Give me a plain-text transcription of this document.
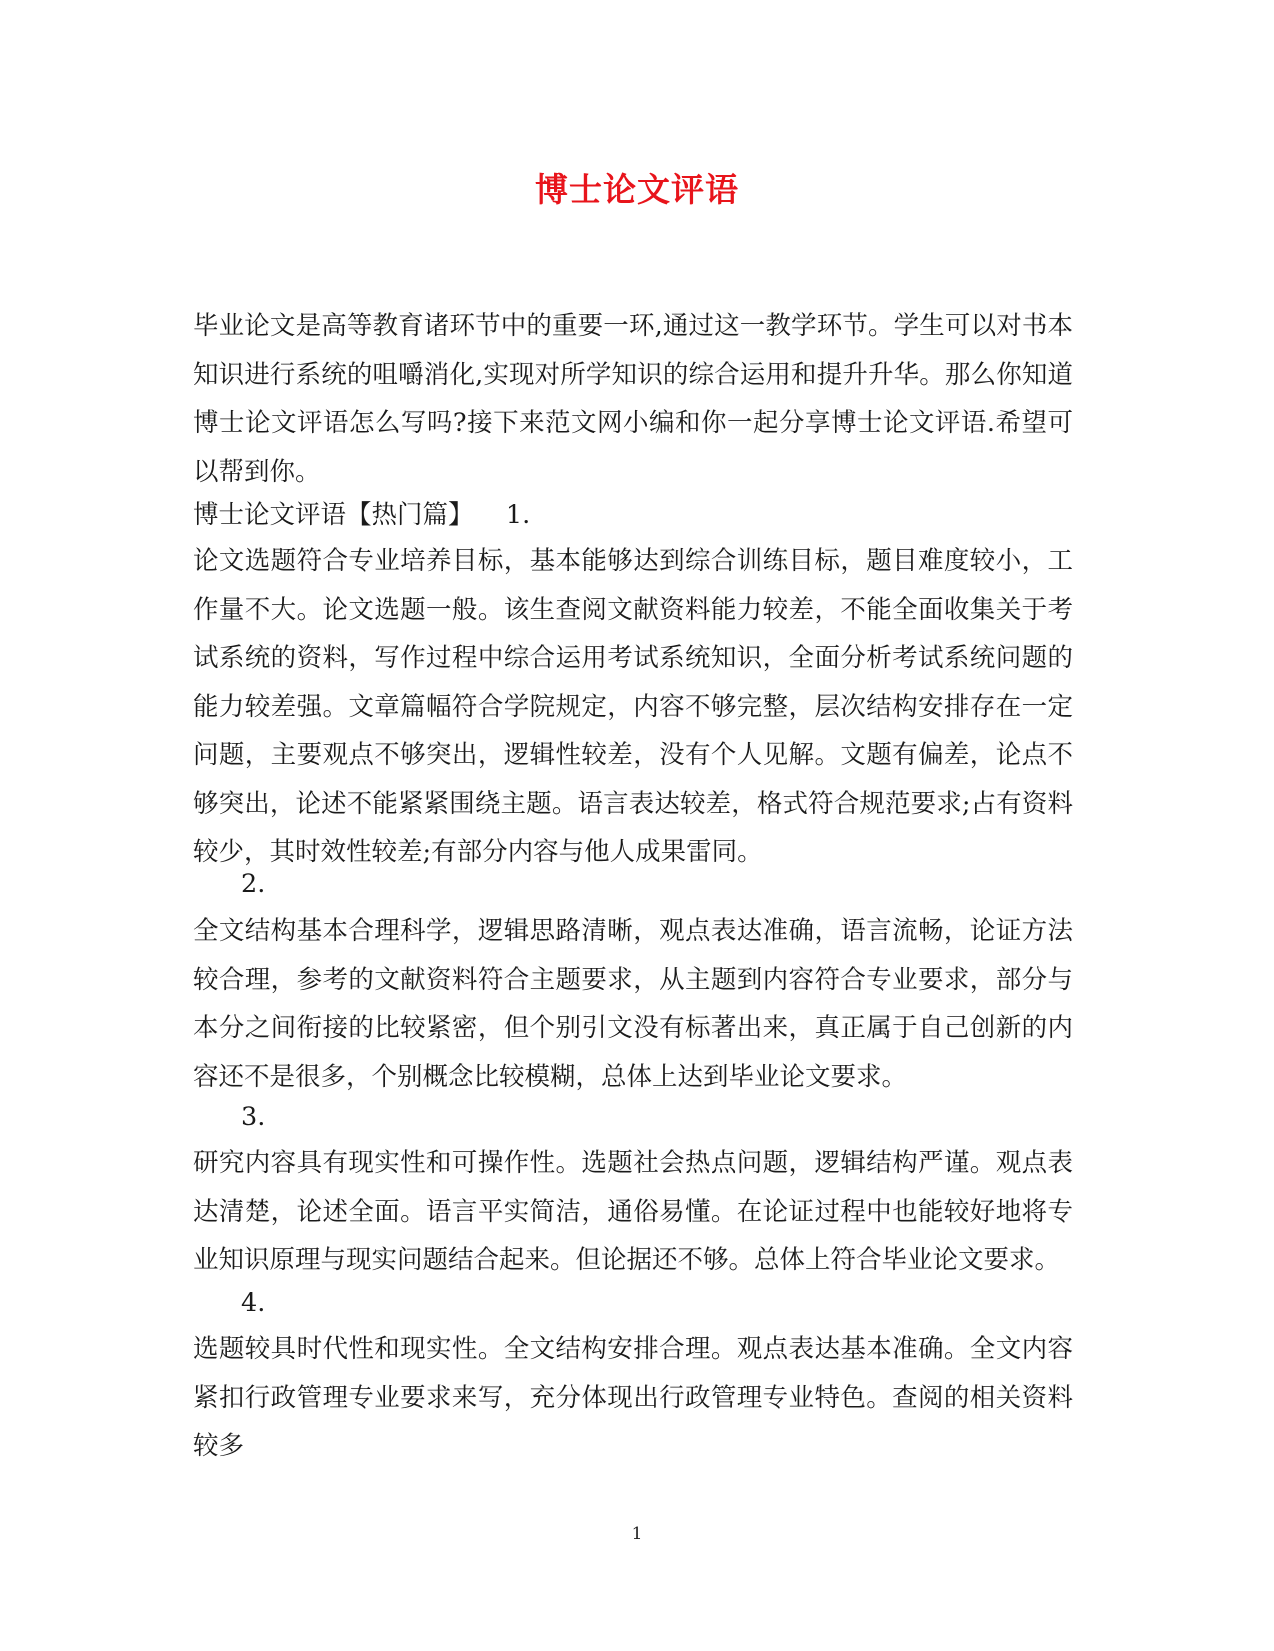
博士论文评语

毕业论文是高等教育诸环节中的重要一环,通过这一教学环节。学生可以对书本知识进行系统的咀嚼消化,实现对所学知识的综合运用和提升升华。那么你知道博士论文评语怎么写吗?接下来范文网小编和你一起分享博士论文评语.希望可以帮到你。

博士论文评语【热门篇】    1.

论文选题符合专业培养目标，基本能够达到综合训练目标，题目难度较小，工作量不大。论文选题一般。该生查阅文献资料能力较差，不能全面收集关于考试系统的资料，写作过程中综合运用考试系统知识，全面分析考试系统问题的能力较差强。文章篇幅符合学院规定，内容不够完整，层次结构安排存在一定问题，主要观点不够突出，逻辑性较差，没有个人见解。文题有偏差，论点不够突出，论述不能紧紧围绕主题。语言表达较差，格式符合规范要求;占有资料较少，其时效性较差;有部分内容与他人成果雷同。

2.

全文结构基本合理科学，逻辑思路清晰，观点表达准确，语言流畅，论证方法较合理，参考的文献资料符合主题要求，从主题到内容符合专业要求，部分与本分之间衔接的比较紧密，但个别引文没有标著出来，真正属于自己创新的内容还不是很多，个别概念比较模糊，总体上达到毕业论文要求。

3.

研究内容具有现实性和可操作性。选题社会热点问题，逻辑结构严谨。观点表达清楚，论述全面。语言平实简洁，通俗易懂。在论证过程中也能较好地将专业知识原理与现实问题结合起来。但论据还不够。总体上符合毕业论文要求。

4.

选题较具时代性和现实性。全文结构安排合理。观点表达基本准确。全文内容紧扣行政管理专业要求来写，充分体现出行政管理专业特色。查阅的相关资料较多

1
